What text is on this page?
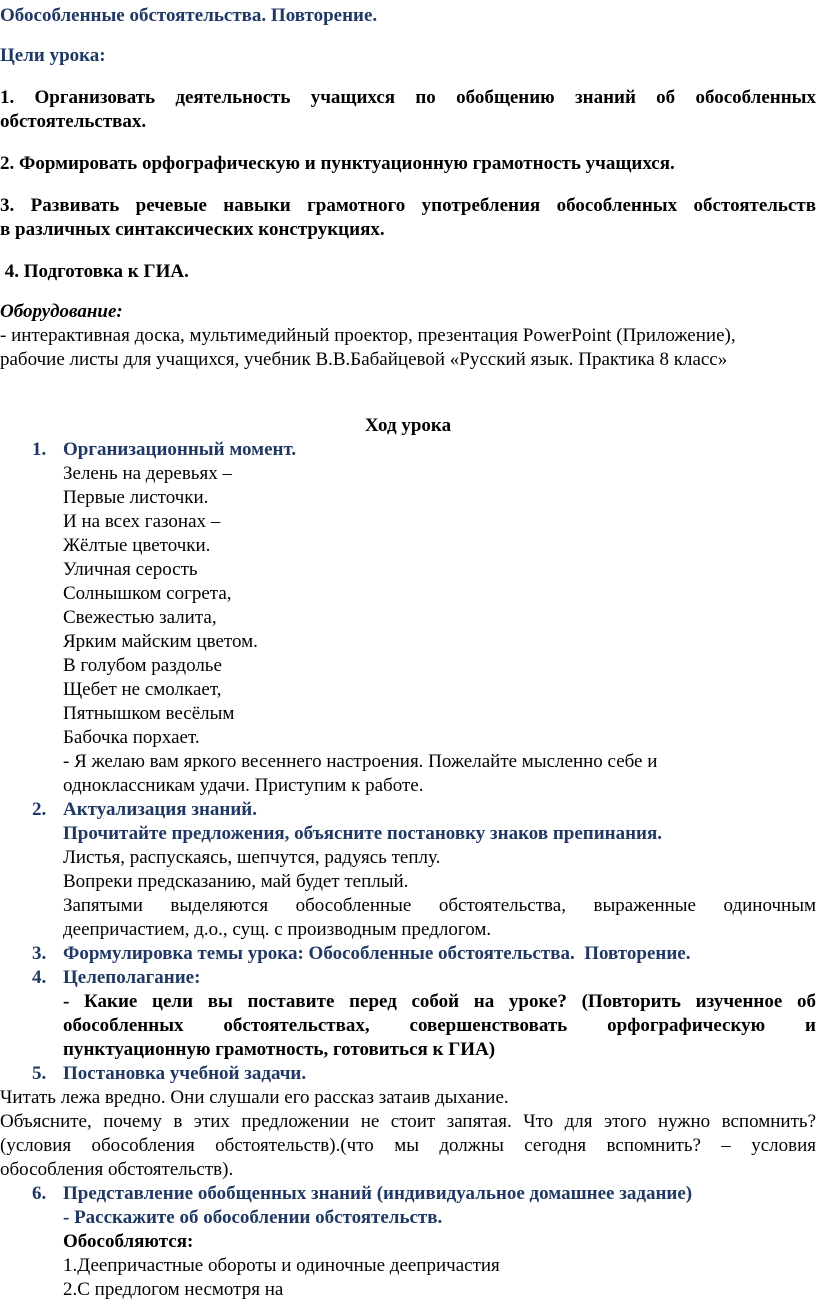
Обособленные обстоятельства. Повторение.
Цели урока:
1. Организовать деятельность учащихся по обобщению знаний об обособленных
обстоятельствах.
2. Формировать орфографическую и пунктуационную грамотность учащихся.
3. Развивать речевые навыки грамотного употребления обособленных обстоятельств
в различных синтаксических конструкциях.
4. Подготовка к ГИА.
Оборудование:
- интерактивная доска, мультимедийный проектор, презентация PowerPoint (Приложение),
рабочие листы для учащихся, учебник В.В.Бабайцевой «Русский язык. Практика 8 класс»
Ход урока
1. Организационный момент.
Зелень на деревьях –
Первые листочки.
И на всех газонах –
Жёлтые цветочки.
Уличная серость
Солнышком согрета,
Свежестью залита,
Ярким майским цветом.
В голубом раздолье
Щебет не смолкает,
Пятнышком весёлым
Бабочка порхает.
- Я желаю вам яркого весеннего настроения. Пожелайте мысленно себе и
одноклассникам удачи. Приступим к работе.
2. Актуализация знаний.
Прочитайте предложения, объясните постановку знаков препинания.
Листья, распускаясь, шепчутся, радуясь теплу.
Вопреки предсказанию, май будет теплый.
Запятыми выделяются обособленные обстоятельства, выраженные одиночным
деепричастием, д.о., сущ. с производным предлогом.
3. Формулировка темы урока: Обособленные обстоятельства.  Повторение.
4. Целеполагание:
- Какие цели вы поставите перед собой на уроке? (Повторить изученное об
обособленных обстоятельствах, совершенствовать орфографическую и
пунктуационную грамотность, готовиться к ГИА)
5. Постановка учебной задачи.
Читать лежа вредно. Они слушали его рассказ затаив дыхание.
Объясните, почему в этих предложении не стоит запятая. Что для этого нужно вспомнить?
(условия обособления обстоятельств).(что мы должны сегодня вспомнить? – условия
обособления обстоятельств).
6. Представление обобщенных знаний (индивидуальное домашнее задание)
- Расскажите об обособлении обстоятельств.
Обособляются:
1.Деепричастные обороты и одиночные деепричастия
2.С предлогом несмотря на
